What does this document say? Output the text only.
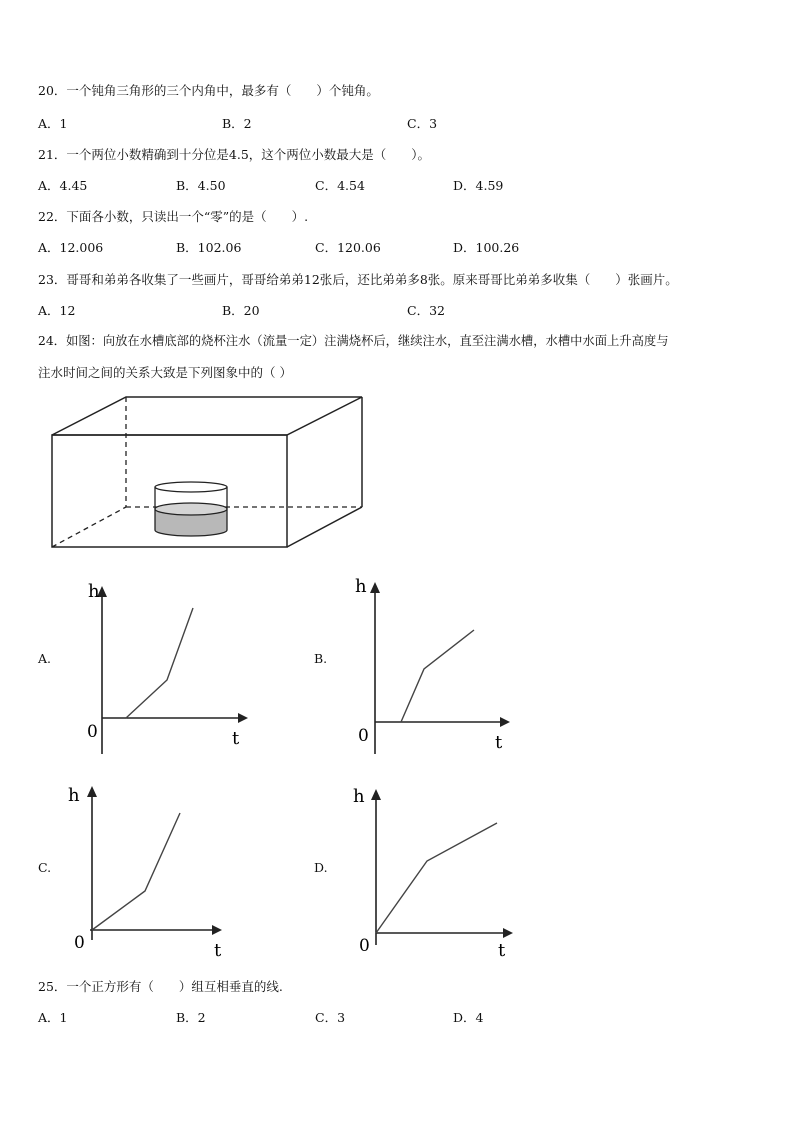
20．一个钝角三角形的三个内角中，最多有（　　）个钝角。
A．1	B．2	C．3
21．一个两位小数精确到十分位是4.5，这个两位小数最大是（　　）。
A．4.45	B．4.50	C．4.54	D．4.59
22．下面各小数，只读出一个“零”的是（　　）.
A．12.006	B．102.06	C．120.06	D．100.26
23．哥哥和弟弟各收集了一些画片，哥哥给弟弟12张后，还比弟弟多8张。原来哥哥比弟弟多收集（　　）张画片。
A．12	B．20	C．32
24．如图：向放在水槽底部的烧杯注水（流量一定）注满烧杯后，继续注水，直至注满水槽，水槽中水面上升高度与
注水时间之间的关系大致是下列图象中的（ ）
A.
h
t
0
B.
h
t
0
C.
h
t
0
D.
h
t
0
25．一个正方形有（　　）组互相垂直的线.
A．1	B．2	C．3	D．4
